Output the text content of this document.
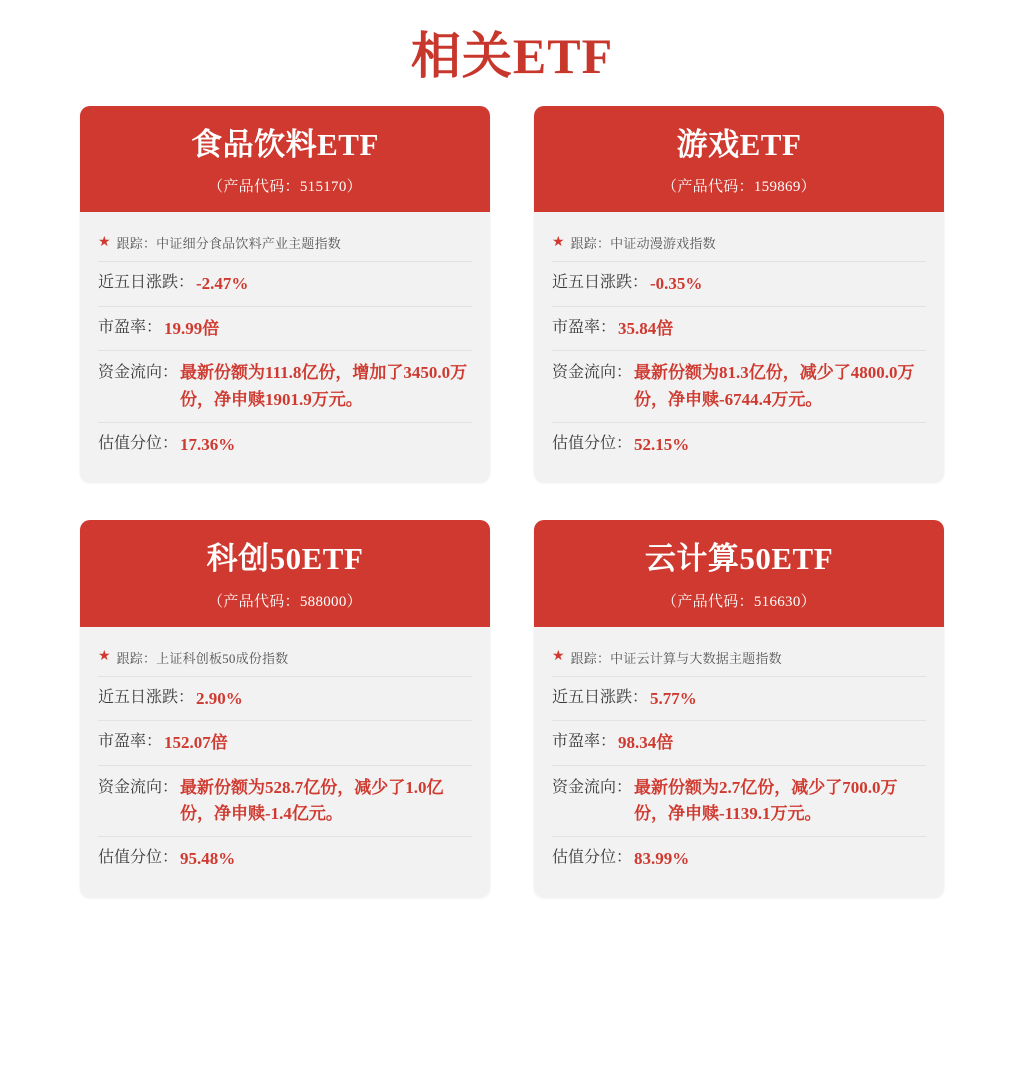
相关ETF
食品饮料ETF
（产品代码：515170）
★ 跟踪： 中证细分食品饮料产业主题指数
近五日涨跌： -2.47%
市盈率： 19.99倍
资金流向： 最新份额为111.8亿份，增加了3450.0万份，净申赎1901.9万元。
估值分位： 17.36%
游戏ETF
（产品代码：159869）
★ 跟踪： 中证动漫游戏指数
近五日涨跌： -0.35%
市盈率： 35.84倍
资金流向： 最新份额为81.3亿份，减少了4800.0万份，净申赎-6744.4万元。
估值分位： 52.15%
科创50ETF
（产品代码：588000）
★ 跟踪： 上证科创板50成份指数
近五日涨跌： 2.90%
市盈率： 152.07倍
资金流向： 最新份额为528.7亿份，减少了1.0亿份，净申赎-1.4亿元。
估值分位： 95.48%
云计算50ETF
（产品代码：516630）
★ 跟踪： 中证云计算与大数据主题指数
近五日涨跌： 5.77%
市盈率： 98.34倍
资金流向： 最新份额为2.7亿份，减少了700.0万份，净申赎-1139.1万元。
估值分位： 83.99%
